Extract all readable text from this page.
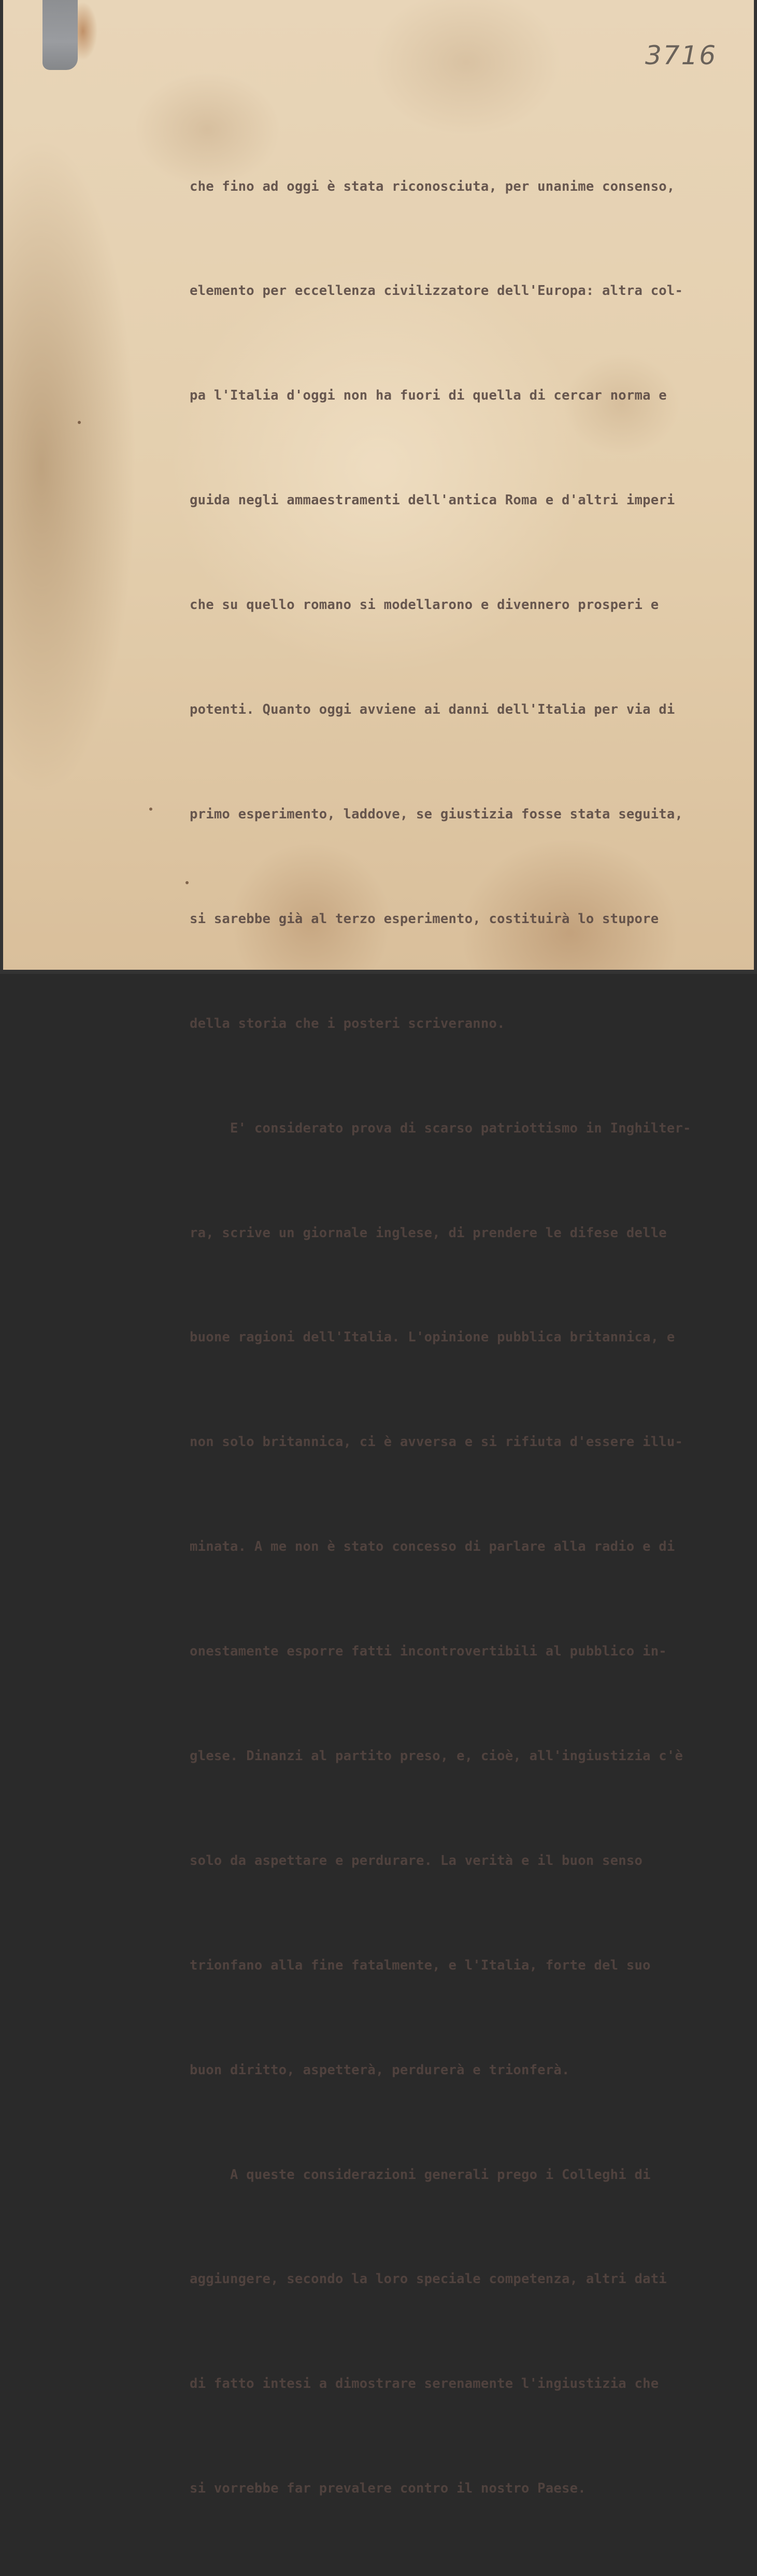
3716

che fino ad oggi è stata riconosciuta, per unanime consenso,

elemento per eccellenza civilizzatore dell'Europa: altra col-

pa l'Italia d'oggi non ha fuori di quella di cercar norma e

guida negli ammaestramenti dell'antica Roma e d'altri imperi

che su quello romano si modellarono e divennero prosperi e

potenti. Quanto oggi avviene ai danni dell'Italia per via di

primo esperimento, laddove, se giustizia fosse stata seguita,

si sarebbe già al terzo esperimento, costituirà lo stupore

della storia che i posteri scriveranno.

E' considerato prova di scarso patriottismo in Inghilter-

ra, scrive un giornale inglese, di prendere le difese delle

buone ragioni dell'Italia. L'opinione pubblica britannica, e

non solo britannica, ci è avversa e si rifiuta d'essere illu-

minata. A me non è stato concesso di parlare alla radio e di

onestamente esporre fatti incontrovertibili al pubblico in-

glese. Dinanzi al partito preso, e, cioè, all'ingiustizia c'è

solo da aspettare e perdurare. La verità e il buon senso

trionfano alla fine fatalmente, e l'Italia, forte del suo

buon diritto, aspetterà, perdurerà e trionferà.

A queste considerazioni generali prego i Colleghi di

aggiungere, secondo la loro speciale competenza, altri dati

di fatto intesi a dimostrare serenamente l'ingiustizia che

si vorrebbe far prevalere contro il nostro Paese.
